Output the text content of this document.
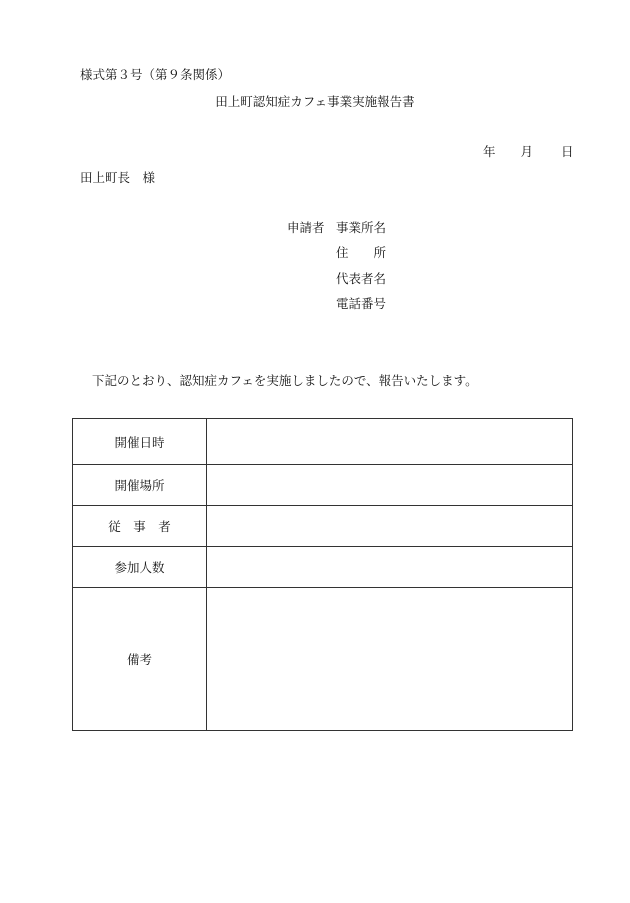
様式第３号（第９条関係）
田上町認知症カフェ事業実施報告書
年 月 日
田上町長　様
申請者 事業所名
住　　所
代表者名
電話番号
下記のとおり、認知症カフェを実施しましたので、報告いたします。
開催日時	
開催場所	
従　事　者	
参加人数	
備考	
